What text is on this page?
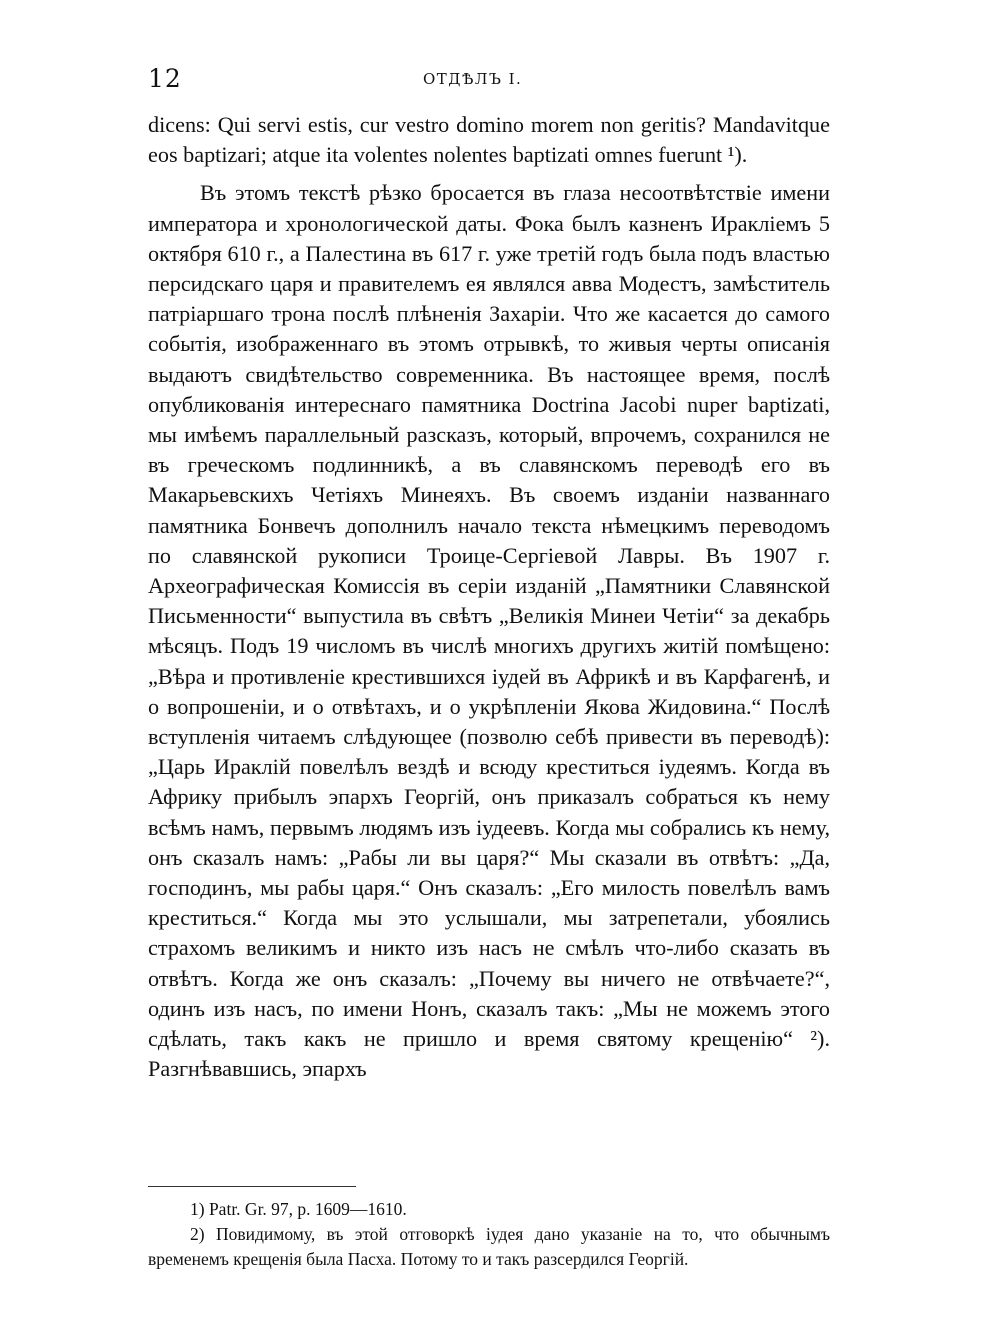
12	ОТДѢЛЪ I.

dicens: Qui servi estis, cur vestro domino morem non geritis? Mandavitque eos baptizari; atque ita volentes nolentes baptizati omnes fuerunt ¹).

Въ этомъ текстѣ рѣзко бросается въ глаза несоотвѣтствіе имени императора и хронологической даты. Фока былъ казненъ Иракліемъ 5 октября 610 г., а Палестина въ 617 г. уже третій годъ была подъ властью персидскаго царя и правителемъ ея являлся авва Модестъ, замѣститель патріаршаго трона послѣ плѣненія Захаріи. Что же касается до самого событія, изображеннаго въ этомъ отрывкѣ, то живыя черты описанія выдаютъ свидѣтельство современника. Въ настоящее время, послѣ опубликованія интереснаго памятника Doctrina Jacobi nuper baptizati, мы имѣемъ параллельный разсказъ, который, впрочемъ, сохранился не въ греческомъ подлинникѣ, а въ славянскомъ переводѣ его въ Макарьевскихъ Четіяхъ Минеяхъ. Въ своемъ изданіи названнаго памятника Бонвечъ дополнилъ начало текста нѣмецкимъ переводомъ по славянской рукописи Троице-Сергіевой Лавры. Въ 1907 г. Археографическая Комиссія въ серіи изданій „Памятники Славянской Письменности“ выпустила въ свѣтъ „Великія Минеи Четіи“ за декабрь мѣсяцъ. Подъ 19 числомъ въ числѣ многихъ другихъ житій помѣщено: „Вѣра и противленіе крестившихся іудей въ Африкѣ и въ Карфагенѣ, и о вопрошеніи, и о отвѣтахъ, и о укрѣпленіи Якова Жидовина.“ Послѣ вступленія читаемъ слѣдующее (позволю себѣ привести въ переводѣ): „Царь Ираклій повелѣлъ вездѣ и всюду креститься іудеямъ. Когда въ Африку прибылъ эпархъ Георгій, онъ приказалъ собраться къ нему всѣмъ намъ, первымъ людямъ изъ іудеевъ. Когда мы собрались къ нему, онъ сказалъ намъ: „Рабы ли вы царя?“ Мы сказали въ отвѣтъ: „Да, господинъ, мы рабы царя.“ Онъ сказалъ: „Его милость повелѣлъ вамъ креститься.“ Когда мы это услышали, мы затрепетали, убоялись страхомъ великимъ и никто изъ насъ не смѣлъ что-либо сказать въ отвѣтъ. Когда же онъ сказалъ: „Почему вы ничего не отвѣчаете?“, одинъ изъ насъ, по имени Нонъ, сказалъ такъ: „Мы не можемъ этого сдѣлать, такъ какъ не пришло и время святому крещенію“ ²). Разгнѣвавшись, эпархъ

1) Patr. Gr. 97, p. 1609—1610.

2) Повидимому, въ этой отговоркѣ іудея дано указаніе на то, что обычнымъ временемъ крещенія была Пасха. Потому то и такъ разсердился Георгій.
